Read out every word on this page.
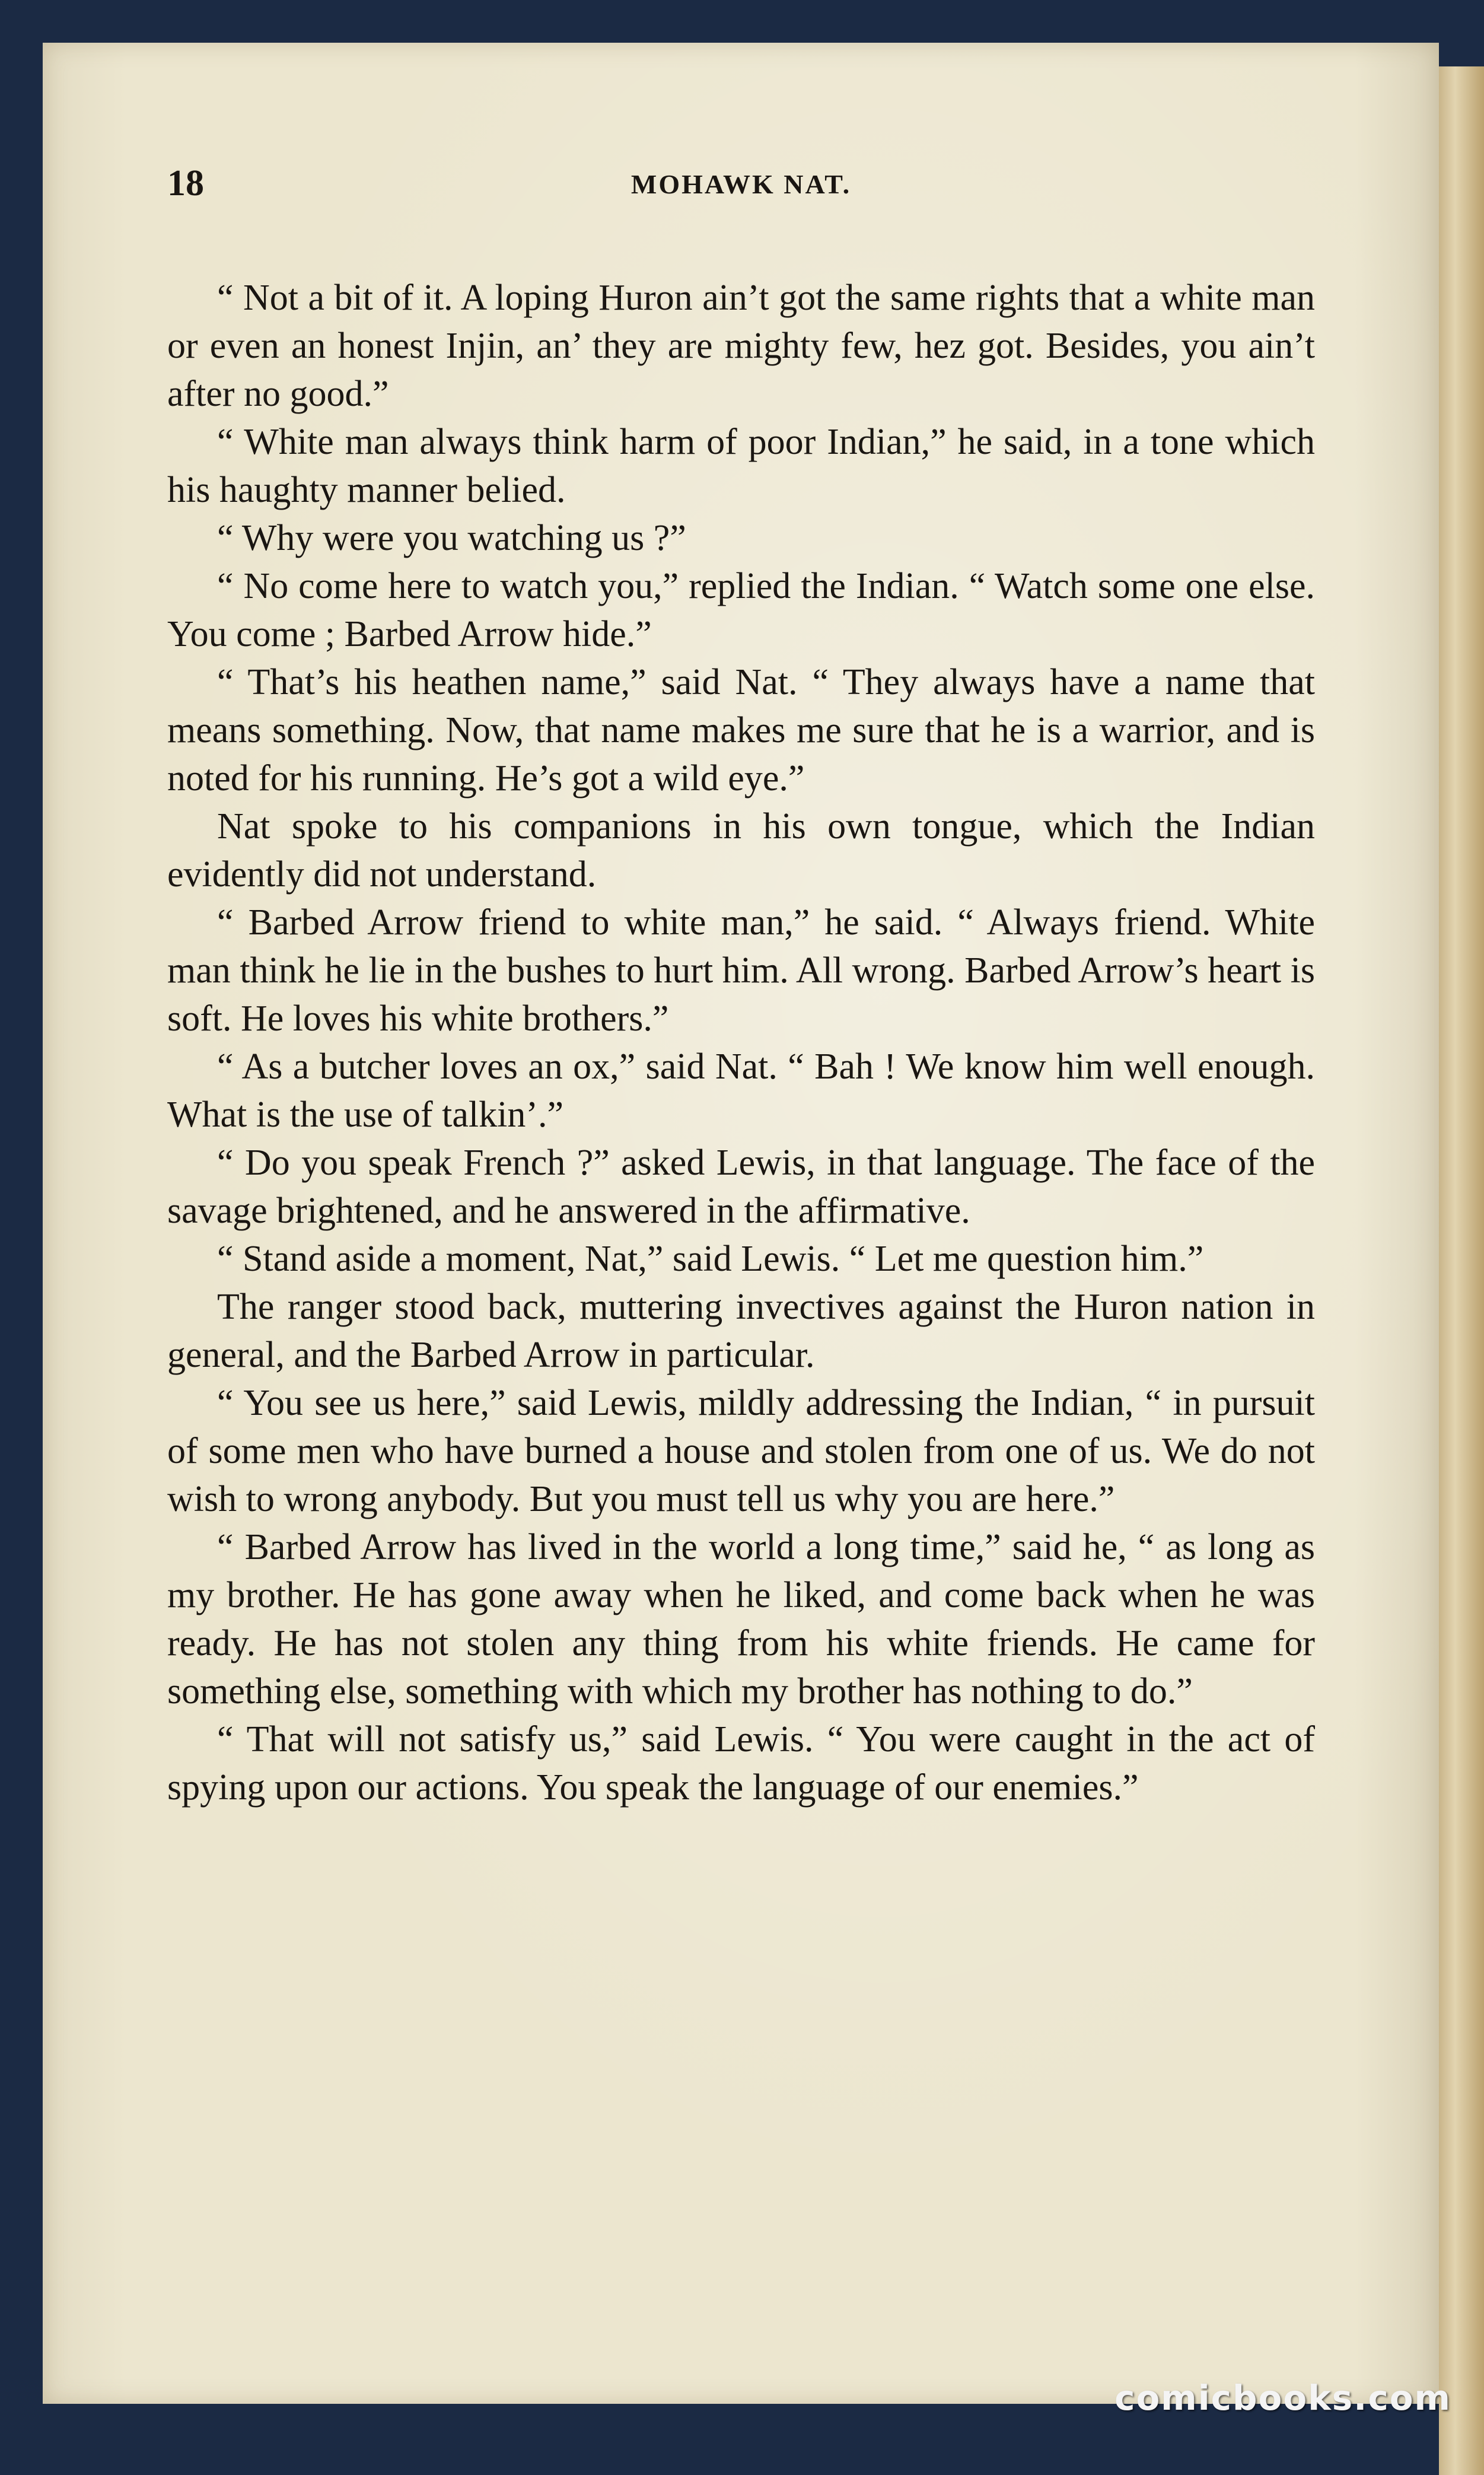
18	MOHAWK NAT.

“ Not a bit of it. A loping Huron ain’t got the same rights that a white man or even an honest Injin, an’ they are mighty few, hez got. Besides, you ain’t after no good.”

“ White man always think harm of poor Indian,” he said, in a tone which his haughty manner belied.

“ Why were you watching us ?”

“ No come here to watch you,” replied the Indian. “ Watch some one else. You come ; Barbed Arrow hide.”

“ That’s his heathen name,” said Nat. “ They always have a name that means something. Now, that name makes me sure that he is a warrior, and is noted for his running. He’s got a wild eye.”

Nat spoke to his companions in his own tongue, which the Indian evidently did not understand.

“ Barbed Arrow friend to white man,” he said. “ Always friend. White man think he lie in the bushes to hurt him. All wrong. Barbed Arrow’s heart is soft. He loves his white brothers.”

“ As a butcher loves an ox,” said Nat. “ Bah ! We know him well enough. What is the use of talkin’.”

“ Do you speak French ?” asked Lewis, in that language. The face of the savage brightened, and he answered in the affirmative.

“ Stand aside a moment, Nat,” said Lewis. “ Let me question him.”

The ranger stood back, muttering invectives against the Huron nation in general, and the Barbed Arrow in particular.

“ You see us here,” said Lewis, mildly addressing the Indian, “ in pursuit of some men who have burned a house and stolen from one of us. We do not wish to wrong anybody. But you must tell us why you are here.”

“ Barbed Arrow has lived in the world a long time,” said he, “ as long as my brother. He has gone away when he liked, and come back when he was ready. He has not stolen any thing from his white friends. He came for something else, something with which my brother has nothing to do.”

“ That will not satisfy us,” said Lewis. “ You were caught in the act of spying upon our actions. You speak the language of our enemies.”

comicbooks.com
